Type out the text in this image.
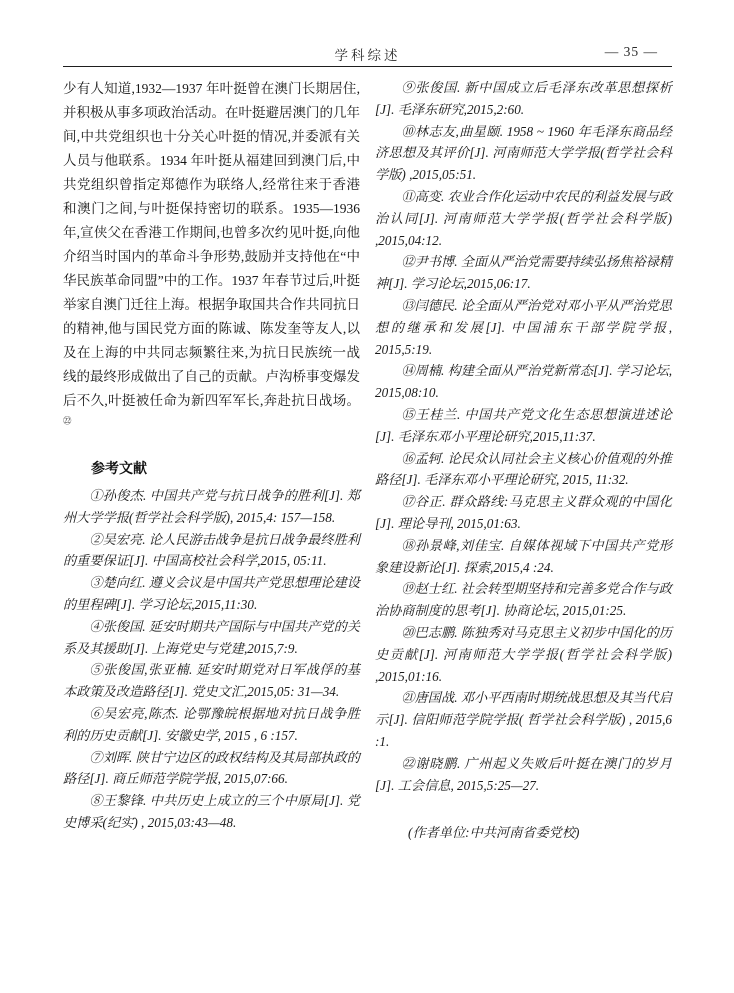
学科综述	— 35 —

少有人知道,1932—1937 年叶挺曾在澳门长期居住,并积极从事多项政治活动。在叶挺避居澳门的几年间,中共党组织也十分关心叶挺的情况,并委派有关人员与他联系。1934 年叶挺从福建回到澳门后,中共党组织曾指定郑德作为联络人,经常往来于香港和澳门之间,与叶挺保持密切的联系。1935—1936 年,宣侠父在香港工作期间,也曾多次约见叶挺,向他介绍当时国内的革命斗争形势,鼓励并支持他在“中华民族革命同盟”中的工作。1937 年春节过后,叶挺举家自澳门迁往上海。根据争取国共合作共同抗日的精神,他与国民党方面的陈诚、陈发奎等友人,以及在上海的中共同志频繁往来,为抗日民族统一战线的最终形成做出了自己的贡献。卢沟桥事变爆发后不久,叶挺被任命为新四军军长,奔赴抗日战场。$^㉒$

参考文献

①孙俊杰. 中国共产党与抗日战争的胜利[J]. 郑州大学学报(哲学社会科学版), 2015,4: 157—158.

②吴宏亮. 论人民游击战争是抗日战争最终胜利的重要保证[J]. 中国高校社会科学,2015, 05:11.

③楚向红. 遵义会议是中国共产党思想理论建设的里程碑[J]. 学习论坛,2015,11:30.

④张俊国. 延安时期共产国际与中国共产党的关系及其援助[J]. 上海党史与党建,2015,7:9.

⑤张俊国,张亚楠. 延安时期党对日军战俘的基本政策及改造路径[J]. 党史文汇,2015,05: 31—34.

⑥吴宏亮,陈杰. 论鄂豫皖根据地对抗日战争胜利的历史贡献[J]. 安徽史学, 2015 , 6 :157.

⑦刘晖. 陕甘宁边区的政权结构及其局部执政的路径[J]. 商丘师范学院学报, 2015,07:66.

⑧王黎锋. 中共历史上成立的三个中原局[J]. 党史博采(纪实) , 2015,03:43—48.

⑨张俊国. 新中国成立后毛泽东改革思想探析[J]. 毛泽东研究,2015,2:60.

⑩林志友,曲星颐. 1958 ~ 1960 年毛泽东商品经济思想及其评价[J]. 河南师范大学学报(哲学社会科学版) ,2015,05:51.

⑪高变. 农业合作化运动中农民的利益发展与政治认同[J]. 河南师范大学学报(哲学社会科学版) ,2015,04:12.

⑫尹书博. 全面从严治党需要持续弘扬焦裕禄精神[J]. 学习论坛,2015,06:17.

⑬闫德民. 论全面从严治党对邓小平从严治党思想的继承和发展[J]. 中国浦东干部学院学报, 2015,5:19.

⑭周楠. 构建全面从严治党新常态[J]. 学习论坛, 2015,08:10.

⑮王桂兰. 中国共产党文化生态思想演进述论[J]. 毛泽东邓小平理论研究,2015,11:37.

⑯孟轲. 论民众认同社会主义核心价值观的外推路径[J]. 毛泽东邓小平理论研究, 2015, 11:32.

⑰谷正. 群众路线:马克思主义群众观的中国化[J]. 理论导刊, 2015,01:63.

⑱孙景峰,刘佳宝. 自媒体视域下中国共产党形象建设新论[J]. 探索,2015,4 :24.

⑲赵士红. 社会转型期坚持和完善多党合作与政治协商制度的思考[J]. 协商论坛, 2015,01:25.

⑳巴志鹏. 陈独秀对马克思主义初步中国化的历史贡献[J]. 河南师范大学学报(哲学社会科学版) ,2015,01:16.

㉑唐国战. 邓小平西南时期统战思想及其当代启示[J]. 信阳师范学院学报( 哲学社会科学版) , 2015,6 :1.

㉒谢晓鹏. 广州起义失败后叶挺在澳门的岁月[J]. 工会信息, 2015,5:25—27.

(作者单位:中共河南省委党校)
